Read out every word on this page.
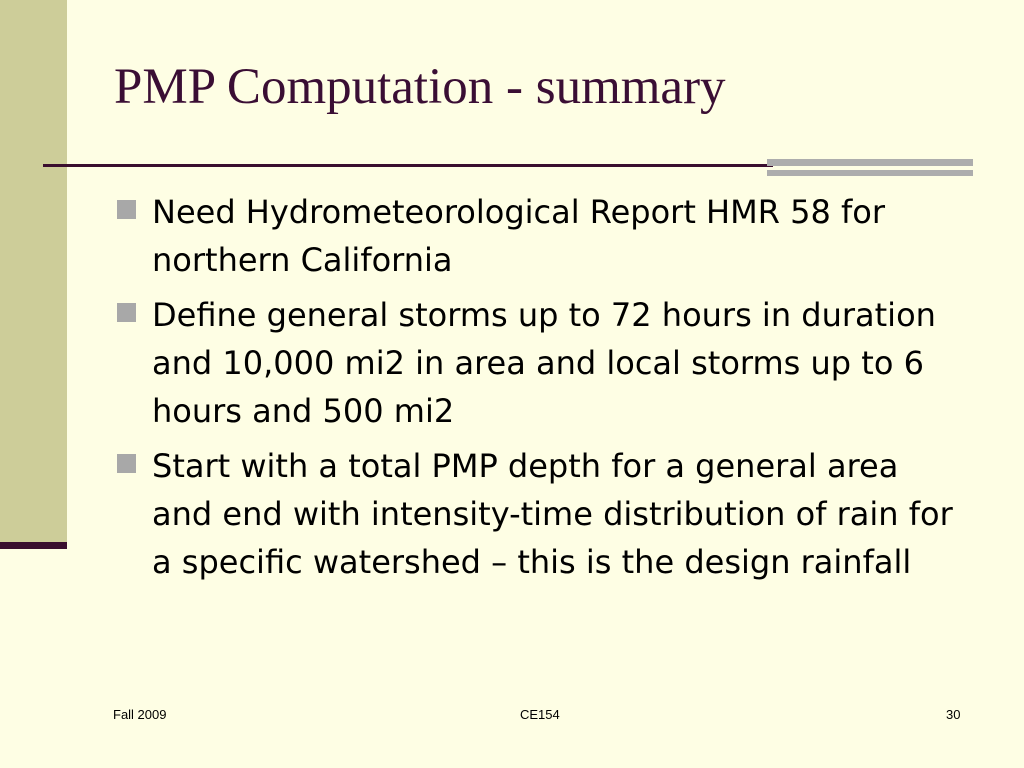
PMP Computation - summary
Need Hydrometeorological Report HMR 58 for northern California
Define general storms up to 72 hours in duration and 10,000 mi2 in area and local storms up to 6 hours and 500 mi2
Start with a total PMP depth for a general area and end with intensity-time distribution of rain for a specific watershed – this is the design rainfall
Fall 2009	CE154	30
